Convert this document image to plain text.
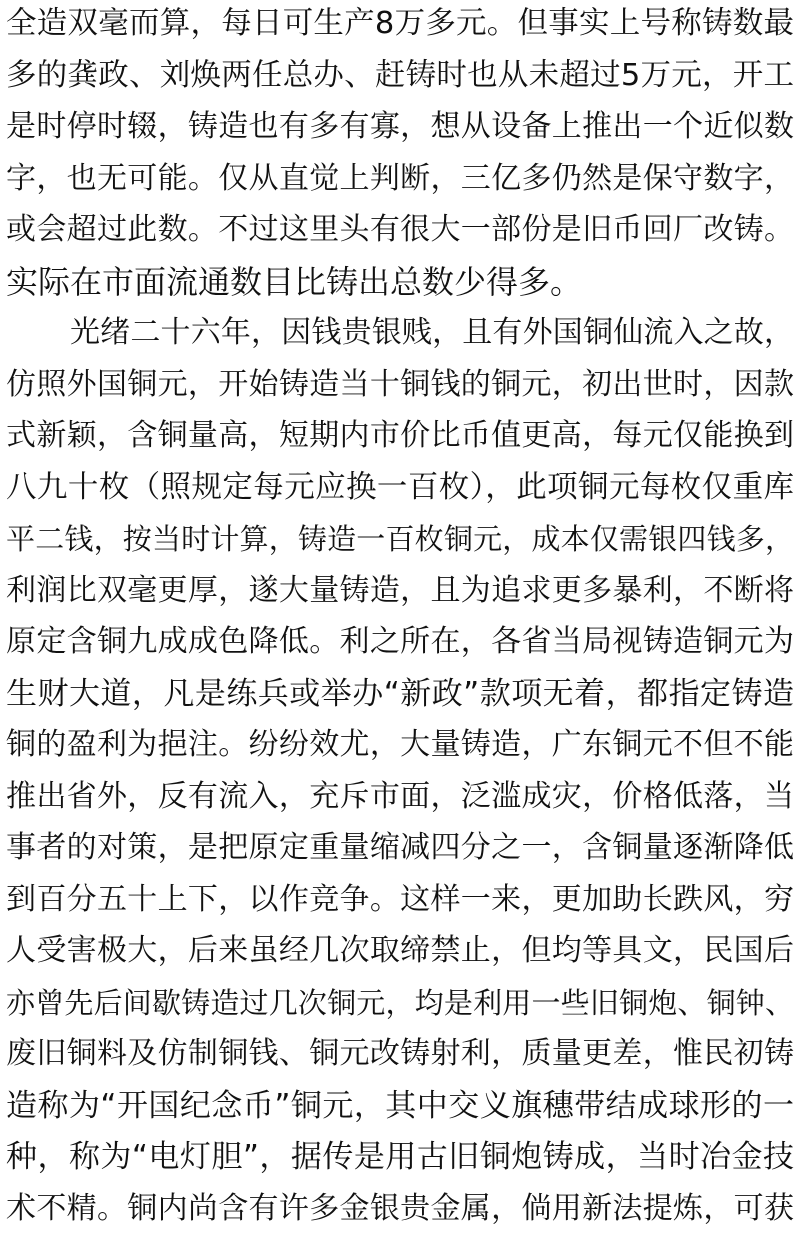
全造双毫而算，每日可生产8万多元。但事实上号称铸数最
多的龚政、刘焕两任总办、赶铸时也从未超过5万元，开工
是时停时辍，铸造也有多有寡，想从设备上推出一个近似数
字，也无可能。仅从直觉上判断，三亿多仍然是保守数字，
或会超过此数。不过这里头有很大一部份是旧币回厂改铸。
实际在市面流通数目比铸出总数少得多。
光绪二十六年，因钱贵银贱，且有外国铜仙流入之故，
仿照外国铜元，开始铸造当十铜钱的铜元，初出世时，因款
式新颖，含铜量高，短期内市价比币值更高，每元仅能换到
八九十枚（照规定每元应换一百枚），此项铜元每枚仅重库
平二钱，按当时计算，铸造一百枚铜元，成本仅需银四钱多，
利润比双毫更厚，遂大量铸造，且为追求更多暴利，不断将
原定含铜九成成色降低。利之所在，各省当局视铸造铜元为
生财大道，凡是练兵或举办“新政”款项无着，都指定铸造
铜的盈利为挹注。纷纷效尤，大量铸造，广东铜元不但不能
推出省外，反有流入，充斥市面，泛滥成灾，价格低落，当
事者的对策，是把原定重量缩减四分之一，含铜量逐渐降低
到百分五十上下，以作竞争。这样一来，更加助长跌风，穷
人受害极大，后来虽经几次取缔禁止，但均等具文，民国后
亦曾先后间歇铸造过几次铜元，均是利用一些旧铜炮、铜钟、
废旧铜料及仿制铜钱、铜元改铸射利，质量更差，惟民初铸
造称为“开国纪念币”铜元，其中交义旗穗带结成球形的一
种，称为“电灯胆”，据传是用古旧铜炮铸成，当时冶金技
术不精。铜内尚含有许多金银贵金属，倘用新法提炼，可获
